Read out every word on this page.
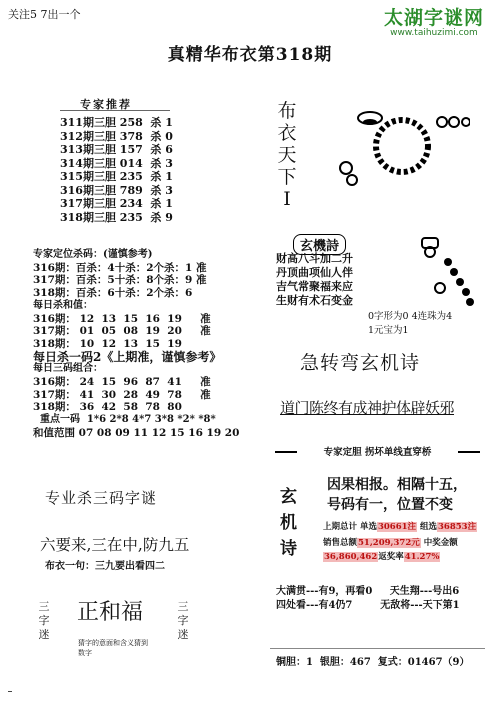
关注5 7出一个	太湖字谜网
www.taihuzimi.com
真精华布衣第318期
专家推荐
311期三胆 258  杀 1
312期三胆 378  杀 0
313期三胆 157  杀 6
314期三胆 014  杀 3
315期三胆 235  杀 1
316期三胆 789  杀 3
317期三胆 234  杀 1
318期三胆 235  杀 9
布
衣
天
下
I
玄機詩
财高八斗加二升
丹顶曲项仙人伴
吉气常聚福来应
生财有术石变金
0字形为0 4连珠为4
1元宝为1
专家定位杀码：(谨慎参考)
316期：百杀：4十杀：2个杀：1 准
317期：百杀：5十杀：8个杀：9 准
318期：百杀：6十杀：2个杀：6
每日杀和值：
316期： 12  13  15  16  19     准
317期： 01  05  08  19  20     准
318期： 10  12  13  15  19
每日杀一码2《上期准，谨慎参考》
每日三码组合：
316期： 24  15  96  87  41     准
317期： 41  30  28  49  78     准
318期： 36  42  58  78  80
重点一码  1*6 2*8 4*7 3*8 *2* *8*
和值范围 07 08 09 11 12 15 16 19 20
急转弯玄机诗
道门陈终有成神护体辟妖邪
专家定胆 拐坏单线直穿桥
玄
机
诗
因果相报。相隔十五，
号码有一，位置不变
上期总计 单选30661注 组选36853注
销售总额51,209,372元 中奖金额
36,860,462返奖率41.27%
大满贯---有9，再看0     天生翔---号出6
四处看---有4仍7        无敌将---天下第1
铜胆：1  银胆：467  复式：01467（9）
专业杀三码字谜
六要来,三在中,防九五
布衣一句：三九要出看四二
三
字
迷
三
字
迷
正和福
猜字的意面和含义猜到数字
